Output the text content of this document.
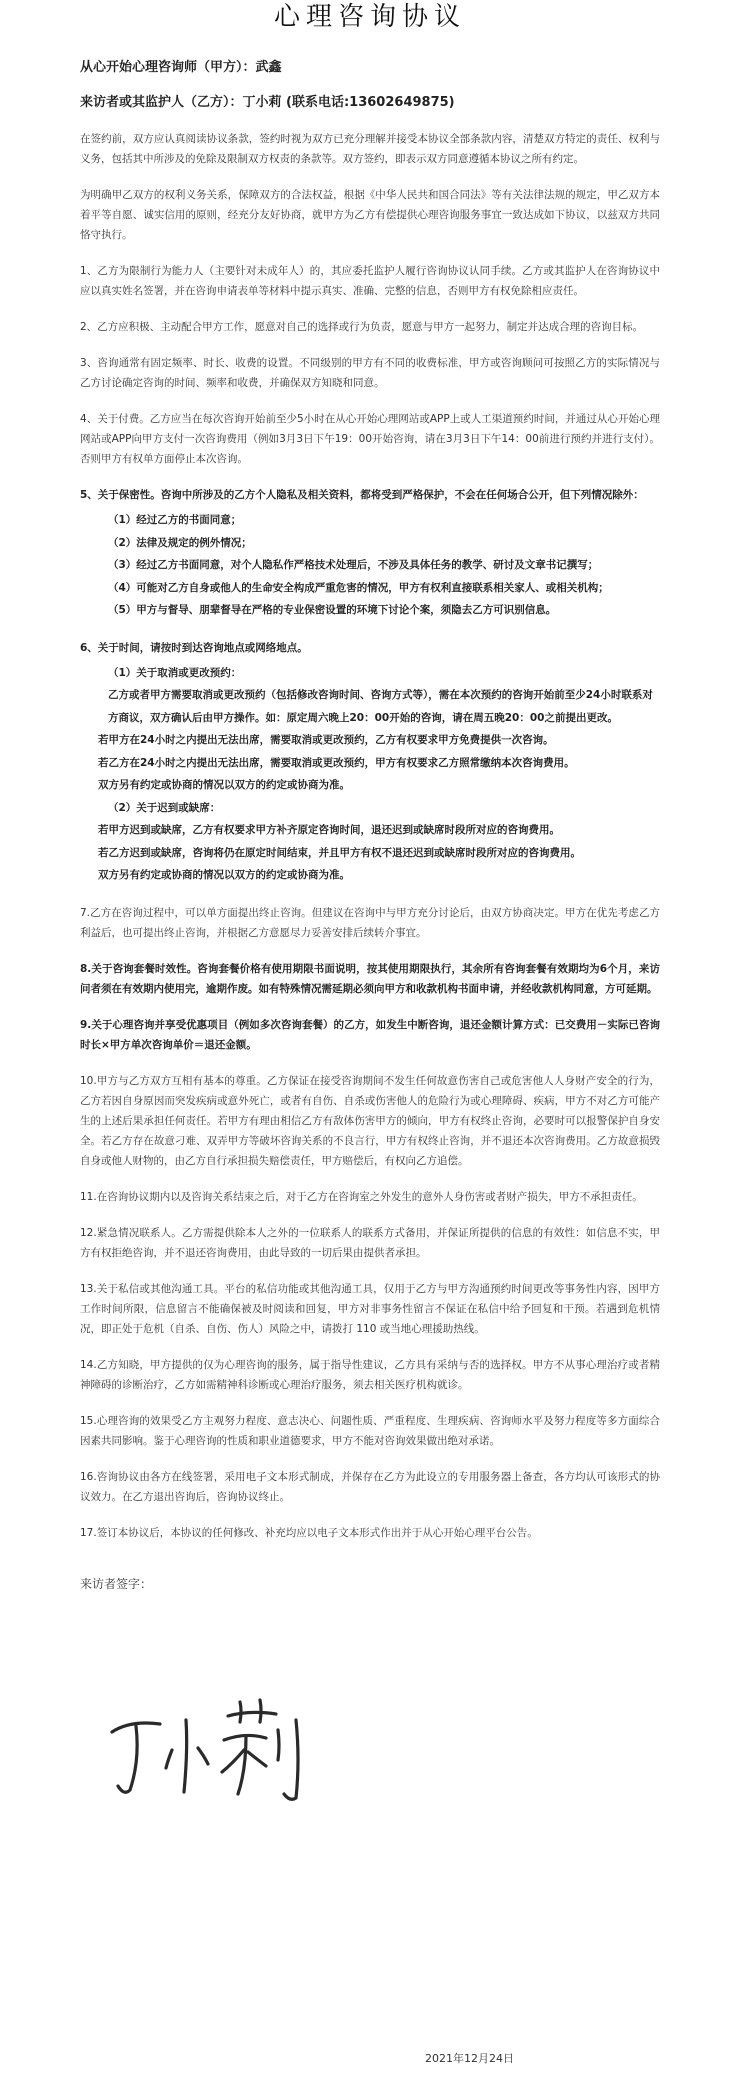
心理咨询协议
从心开始心理咨询师（甲方）：武鑫
来访者或其监护人（乙方）：丁小莉 (联系电话:13602649875)

在签约前，双方应认真阅读协议条款，签约时视为双方已充分理解并接受本协议全部条款内容，清楚双方特定的责任、权利与义务，包括其中所涉及的免除及限制双方权责的条款等。双方签约，即表示双方同意遵循本协议之所有约定。

为明确甲乙双方的权利义务关系，保障双方的合法权益，根据《中华人民共和国合同法》等有关法律法规的规定，甲乙双方本着平等自愿、诚实信用的原则，经充分友好协商，就甲方为乙方有偿提供心理咨询服务事宜一致达成如下协议，以兹双方共同恪守执行。

1、乙方为限制行为能力人（主要针对未成年人）的，其应委托监护人履行咨询协议认同手续。乙方或其监护人在咨询协议中应以真实姓名签署，并在咨询申请表单等材料中提示真实、准确、完整的信息，否则甲方有权免除相应责任。

2、乙方应积极、主动配合甲方工作，愿意对自己的选择或行为负责，愿意与甲方一起努力，制定并达成合理的咨询目标。

3、咨询通常有固定频率、时长、收费的设置。不同级别的甲方有不同的收费标准，甲方或咨询顾问可按照乙方的实际情况与乙方讨论确定咨询的时间、频率和收费，并确保双方知晓和同意。

4、关于付费。乙方应当在每次咨询开始前至少5小时在从心开始心理网站或APP上或人工渠道预约时间，并通过从心开始心理网站或APP向甲方支付一次咨询费用（例如3月3日下午19：00开始咨询，请在3月3日下午14：00前进行预约并进行支付）。否则甲方有权单方面停止本次咨询。

5、关于保密性。咨询中所涉及的乙方个人隐私及相关资料，都将受到严格保护，不会在任何场合公开，但下列情况除外：

（1）经过乙方的书面同意；

（2）法律及规定的例外情况；

（3）经过乙方书面同意，对个人隐私作严格技术处理后，不涉及具体任务的教学、研讨及文章书记撰写；

（4）可能对乙方自身或他人的生命安全构成严重危害的情况，甲方有权利直接联系相关家人、或相关机构；

（5）甲方与督导、朋辈督导在严格的专业保密设置的环境下讨论个案，须隐去乙方可识别信息。

6、关于时间，请按时到达咨询地点或网络地点。

（1）关于取消或更改预约：

乙方或者甲方需要取消或更改预约（包括修改咨询时间、咨询方式等），需在本次预约的咨询开始前至少24小时联系对方商议，双方确认后由甲方操作。如：原定周六晚上20：00开始的咨询，请在周五晚20：00之前提出更改。

若甲方在24小时之内提出无法出席，需要取消或更改预约，乙方有权要求甲方免费提供一次咨询。

若乙方在24小时之内提出无法出席，需要取消或更改预约，甲方有权要求乙方照常缴纳本次咨询费用。

双方另有约定或协商的情况以双方的约定或协商为准。

（2）关于迟到或缺席：

若甲方迟到或缺席，乙方有权要求甲方补齐原定咨询时间，退还迟到或缺席时段所对应的咨询费用。

若乙方迟到或缺席，咨询将仍在原定时间结束，并且甲方有权不退还迟到或缺席时段所对应的咨询费用。

双方另有约定或协商的情况以双方的约定或协商为准。

7.乙方在咨询过程中，可以单方面提出终止咨询。但建议在咨询中与甲方充分讨论后，由双方协商决定。甲方在优先考虑乙方利益后，也可提出终止咨询，并根据乙方意愿尽力妥善安排后续转介事宜。

8.关于咨询套餐时效性。咨询套餐价格有使用期限书面说明，按其使用期限执行，其余所有咨询套餐有效期均为6个月，来访问者须在有效期内使用完，逾期作废。如有特殊情况需延期必须向甲方和收款机构书面申请，并经收款机构同意，方可延期。

9.关于心理咨询并享受优惠项目（例如多次咨询套餐）的乙方，如发生中断咨询，退还金额计算方式：已交费用－实际已咨询时长×甲方单次咨询单价＝退还金额。

10.甲方与乙方双方互相有基本的尊重。乙方保证在接受咨询期间不发生任何故意伤害自己或危害他人人身财产安全的行为，乙方若因自身原因而突发疾病或意外死亡，或者有自伤、自杀或伤害他人的危险行为或心理障碍、疾病，甲方不对乙方可能产生的上述后果承担任何责任。若甲方有理由相信乙方有敌体伤害甲方的倾向，甲方有权终止咨询，必要时可以报警保护自身安全。若乙方存在故意刁难、双弄甲方等破坏咨询关系的不良言行，甲方有权终止咨询，并不退还本次咨询费用。乙方故意损毁自身或他人财物的，由乙方自行承担损失赔偿责任，甲方赔偿后，有权向乙方追偿。

11.在咨询协议期内以及咨询关系结束之后，对于乙方在咨询室之外发生的意外人身伤害或者财产损失，甲方不承担责任。

12.紧急情况联系人。乙方需提供除本人之外的一位联系人的联系方式备用，并保证所提供的信息的有效性：如信息不实，甲方有权拒绝咨询，并不退还咨询费用，由此导致的一切后果由提供者承担。

13.关于私信或其他沟通工具。平台的私信功能或其他沟通工具，仅用于乙方与甲方沟通预约时间更改等事务性内容，因甲方工作时间所限，信息留言不能确保被及时阅读和回复，甲方对非事务性留言不保证在私信中给予回复和干预。若遇到危机情况，即正处于危机（自杀、自伤、伤人）风险之中，请拨打 110 或当地心理援助热线。

14.乙方知晓，甲方提供的仅为心理咨询的服务，属于指导性建议，乙方具有采纳与否的选择权。甲方不从事心理治疗或者精神障碍的诊断治疗，乙方如需精神科诊断或心理治疗服务，须去相关医疗机构就诊。

15.心理咨询的效果受乙方主观努力程度、意志决心、问题性质、严重程度、生理疾病、咨询师水平及努力程度等多方面综合因素共同影响。鉴于心理咨询的性质和职业道德要求，甲方不能对咨询效果做出绝对承诺。

16.咨询协议由各方在线签署，采用电子文本形式制成，并保存在乙方为此设立的专用服务器上备查，各方均认可该形式的协议效力。在乙方退出咨询后，咨询协议终止。

17.签订本协议后，本协议的任何修改、补充均应以电子文本形式作出并于从心开始心理平台公告。

来访者签字：
2021年12月24日
